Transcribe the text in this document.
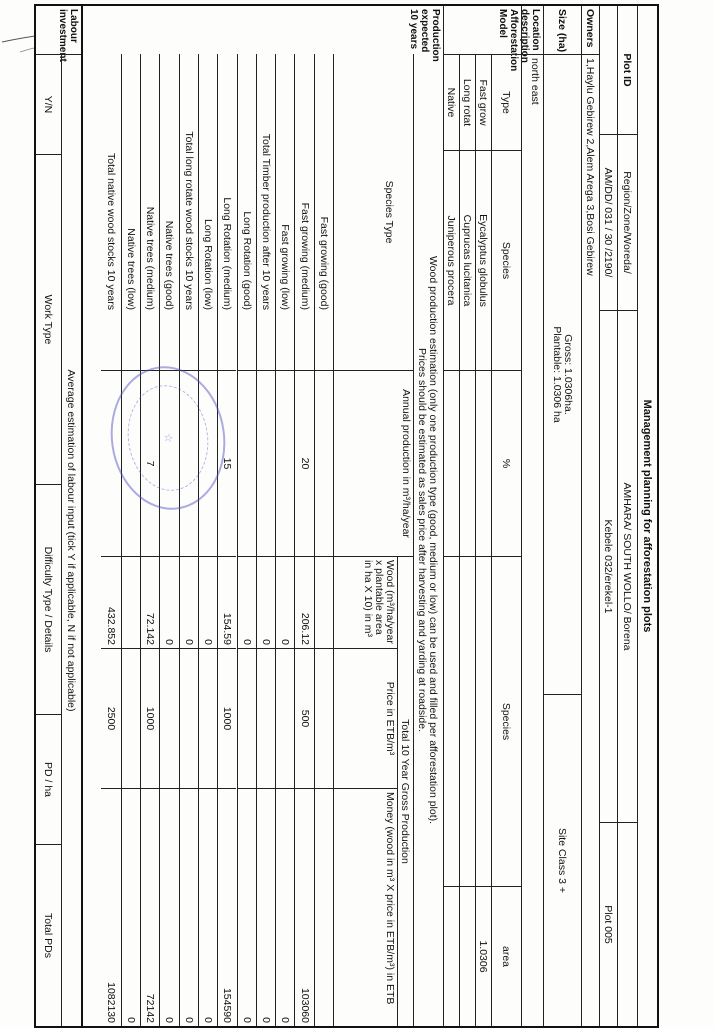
Management planning for afforestation plots
Plot ID
Region/Zone/Woreda/
AMHARA/ SOUTH WOLLO/ Borena
AM/DD/ 031 / 30 /2190/
Kebele 032/erekel-1
Plot 005
Owners
1,Haylu Gebirew 2,Alem Arega 3,Bosi Gebirew
Size (ha)
Gross: 1.0306ha.
Plantable: 1.0306 ha
Site Class 3 +
Location description
north east
Afforestation Model
Type
Species
%
Species
area
Fast grow
Eycalyptus globulus
1.0306
Long rotat
Cuprucas lucitanica
Native
Juniperous procera
Production expected 10 years
Wood production estimation (only one production type (good, medium or low) can be used and filled per afforestation plot).
Prices should be estimated as sales price after harvesting and yarding at roadside.
Species Type
Annual production in m³/ha/year
Total 10 Year Gross Production
Wood (m³/ha/year x plantable area in ha X 10) in m³
Price in ETB/m³
Money (wood in m³ X price in ETB/m³) in ETB
Fast growing (good)
Fast growing (medium)
20
206.12
500
103060
Fast growing (low)
0
0
Total Timber production after 10 years
0
0
Long Rotation (good)
0
0
Long Rotation (medium)
15
154.59
1000
154590
Long Rotation (low)
0
0
Total long rotate wood stocks 10 years
0
0
Native trees (good)
0
0
Native trees (medium)
7
72.142
1000
72142
Native trees (low)
0
Total native wood stocks 10 years
432.852
2500
1082130
Labour investment
Average estimation of labour input (tick Y if applicable, N if not applicable)
Y/N
Work Type
Difficulty Type / Details
PD / ha
Total PDs
☆
